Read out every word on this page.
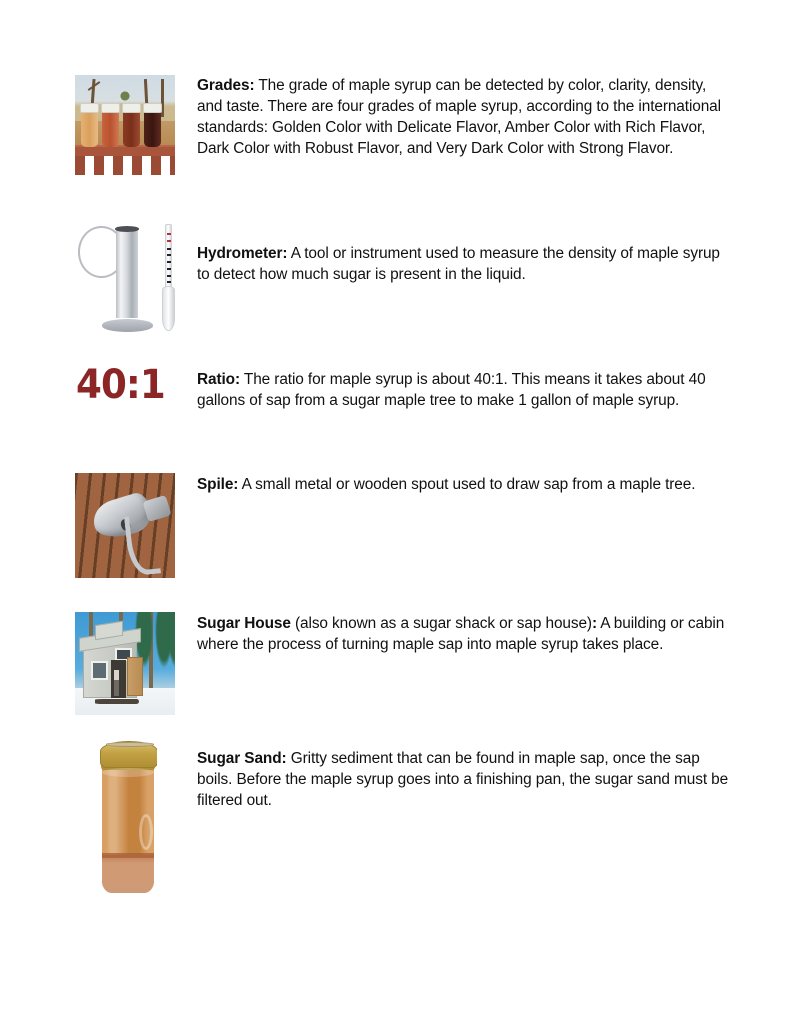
Grades: The grade of maple syrup can be detected by color, clarity, density, and taste. There are four grades of maple syrup, according to the international standards: Golden Color with Delicate Flavor, Amber Color with Rich Flavor, Dark Color with Robust Flavor, and Very Dark Color with Strong Flavor.
Hydrometer: A tool or instrument used to measure the density of maple syrup to detect how much sugar is present in the liquid.
40:1 Ratio: The ratio for maple syrup is about 40:1. This means it takes about 40 gallons of sap from a sugar maple tree to make 1 gallon of maple syrup.
Spile: A small metal or wooden spout used to draw sap from a maple tree.
Sugar House (also known as a sugar shack or sap house): A building or cabin where the process of turning maple sap into maple syrup takes place.
Sugar Sand: Gritty sediment that can be found in maple sap, once the sap boils. Before the maple syrup goes into a finishing pan, the sugar sand must be filtered out.
